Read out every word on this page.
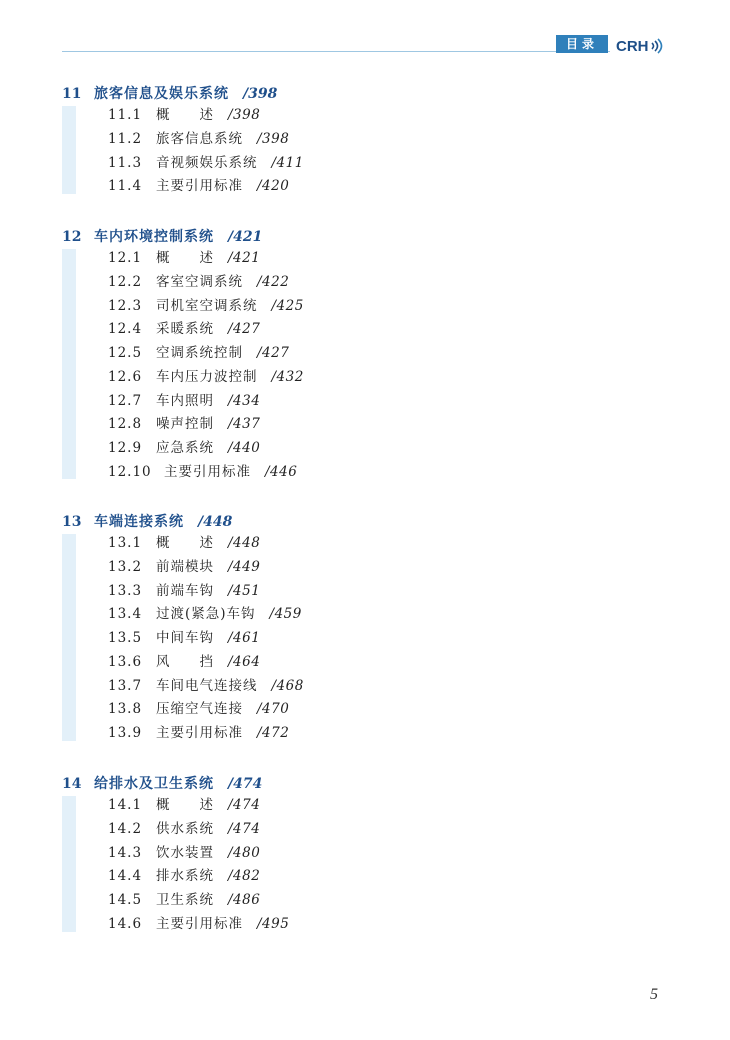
目录	CRH
11 旅客信息及娱乐系统 /398
11.1	概　　述 /398
11.2	旅客信息系统 /398
11.3	音视频娱乐系统 /411
11.4	主要引用标准 /420
12 车内环境控制系统 /421
12.1	概　　述 /421
12.2	客室空调系统 /422
12.3	司机室空调系统 /425
12.4	采暖系统 /427
12.5	空调系统控制 /427
12.6	车内压力波控制 /432
12.7	车内照明 /434
12.8	噪声控制 /437
12.9	应急系统 /440
12.10 主要引用标准 /446
13 车端连接系统 /448
13.1	概　　述 /448
13.2	前端模块 /449
13.3	前端车钩 /451
13.4	过渡(紧急)车钩 /459
13.5	中间车钩 /461
13.6	风　　挡 /464
13.7	车间电气连接线 /468
13.8	压缩空气连接 /470
13.9	主要引用标准 /472
14 给排水及卫生系统 /474
14.1	概　　述 /474
14.2	供水系统 /474
14.3	饮水装置 /480
14.4	排水系统 /482
14.5	卫生系统 /486
14.6	主要引用标准 /495
5
